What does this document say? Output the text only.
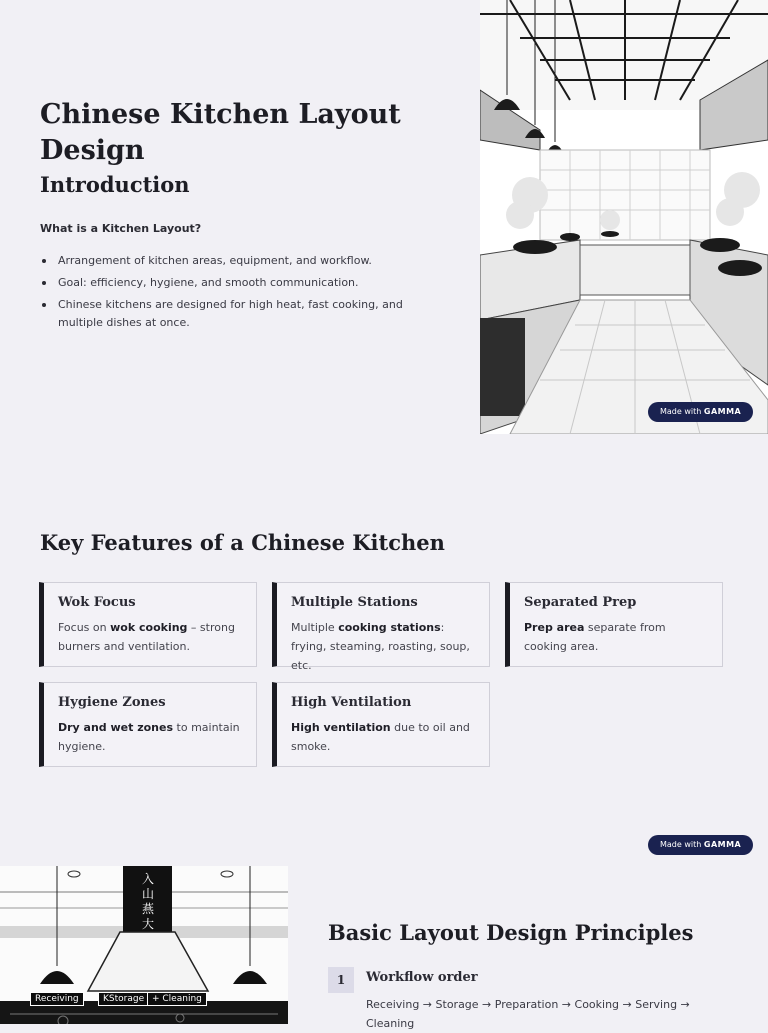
Chinese Kitchen Layout Design
Introduction
What is a Kitchen Layout?
Arrangement of kitchen areas, equipment, and workflow.
Goal: efficiency, hygiene, and smooth communication.
Chinese kitchens are designed for high heat, fast cooking, and multiple dishes at once.
Made with GAMMA
Key Features of a Chinese Kitchen
Wok Focus
Focus on wok cooking – strong burners and ventilation.
Multiple Stations
Multiple cooking stations: frying, steaming, roasting, soup, etc.
Separated Prep
Prep area separate from cooking area.
Hygiene Zones
Dry and wet zones to maintain hygiene.
High Ventilation
High ventilation due to oil and smoke.
Made with GAMMA
入 山 燕 大
Receiving	KStorage + Cleaning
Basic Layout Design Principles
1	Workflow order
Receiving → Storage → Preparation → Cooking → Serving → Cleaning
